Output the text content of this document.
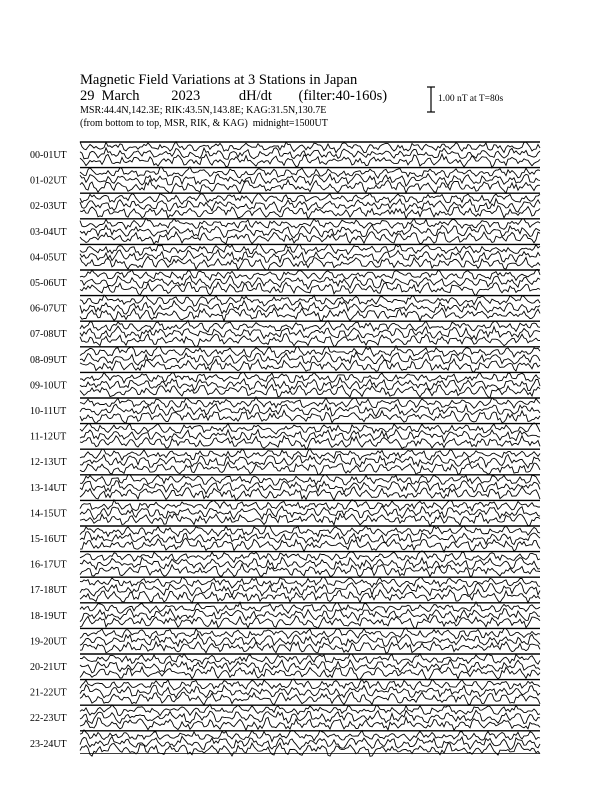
Magnetic Field Variations at 3 Stations in Japan
29 March 2023	dH/dt (filter:40-160s)
MSR:44.4N,142.3E; RIK:43.5N,143.8E; KAG:31.5N,130.7E
(from bottom to top, MSR, RIK, & KAG) midnight=1500UT
1.00 nT at T=80s
00-01UT
01-02UT
02-03UT
03-04UT
04-05UT
05-06UT
06-07UT
07-08UT
08-09UT
09-10UT
10-11UT
11-12UT
12-13UT
13-14UT
14-15UT
15-16UT
16-17UT
17-18UT
18-19UT
19-20UT
20-21UT
21-22UT
22-23UT
23-24UT
